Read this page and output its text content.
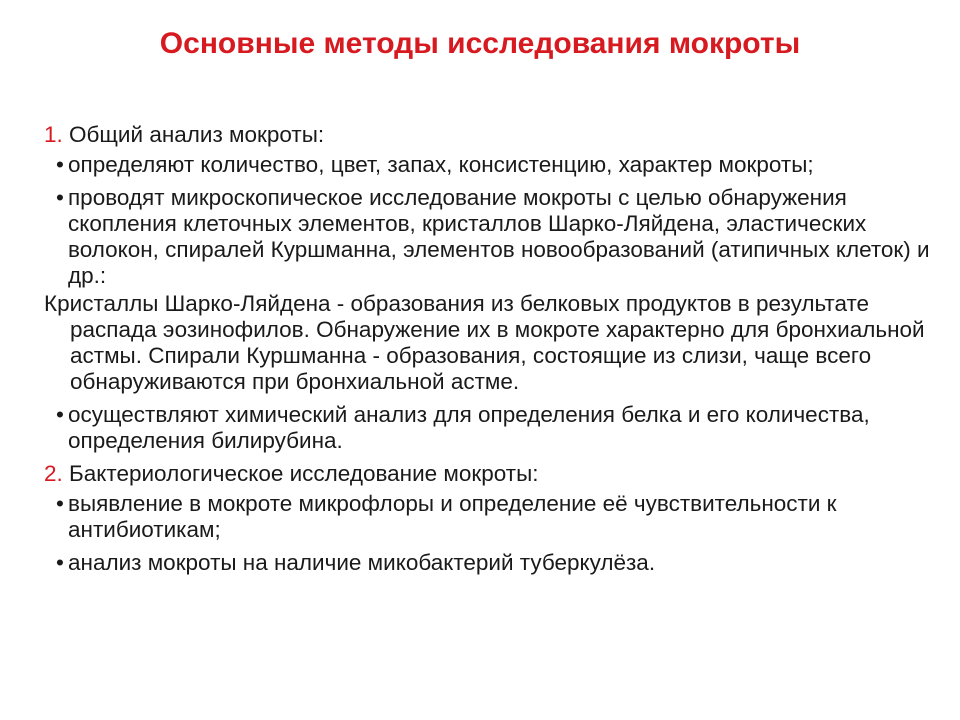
Основные методы исследования мокроты
1. Общий анализ мокроты:
• определяют количество, цвет, запах, консистенцию, характер мокроты;
• проводят микроскопическое исследование мокроты с целью обнаружения скопления клеточных элементов, кристаллов Шарко-Ляйдена, эластических волокон, спиралей Куршманна, элементов новообразований (атипичных клеток) и др.:
Кристаллы Шарко-Ляйдена - образования из белковых продуктов в результате распада эозинофилов. Обнаружение их в мокроте характерно для бронхиальной астмы. Спирали Куршманна - образования, состоящие из слизи, чаще всего обнаруживаются при бронхиальной астме.
• осуществляют химический анализ для определения белка и его количества, определения билирубина.
2. Бактериологическое исследование мокроты:
• выявление в мокроте микрофлоры и определение её чувствительности к антибиотикам;
• анализ мокроты на наличие микобактерий туберкулёза.
